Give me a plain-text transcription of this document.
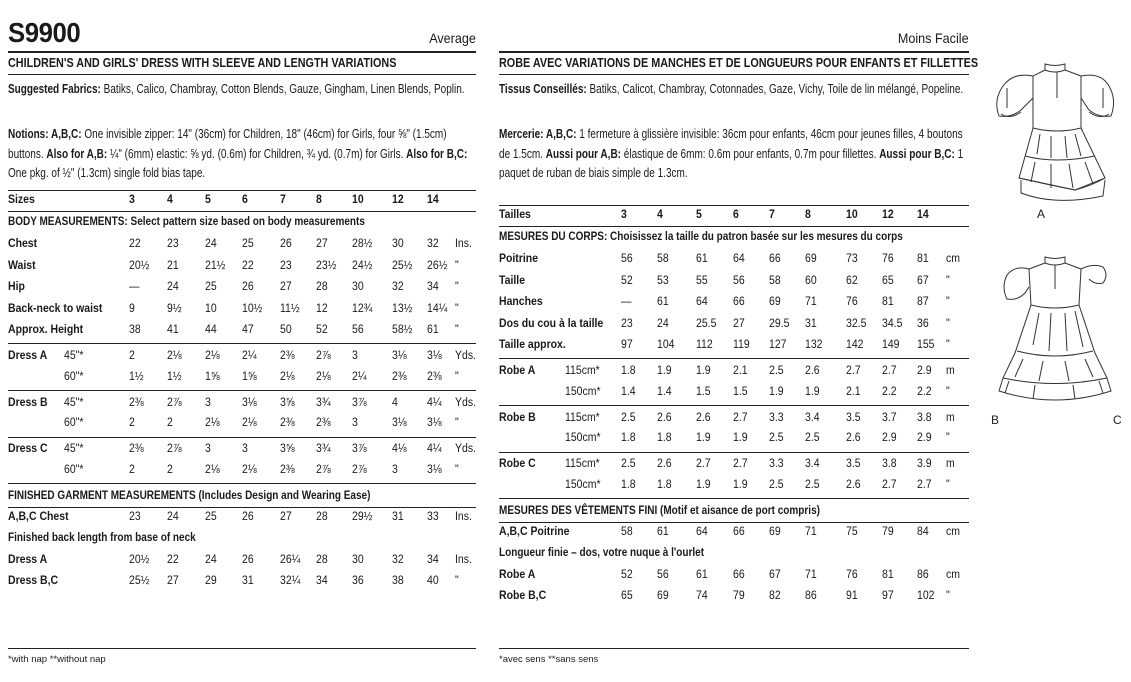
S9900	Average
CHILDREN'S AND GIRLS' DRESS WITH SLEEVE AND LENGTH VARIATIONS
Suggested Fabrics: Batiks, Calico, Chambray, Cotton Blends, Gauze, Gingham, Linen Blends, Poplin.
Notions: A,B,C: One invisible zipper: 14" (36cm) for Children, 18" (46cm) for Girls, four ⅝" (1.5cm) buttons. Also for A,B: ¼" (6mm) elastic: ⅝ yd. (0.6m) for Children, ¾ yd. (0.7m) for Girls. Also for B,C: One pkg. of ½" (1.3cm) single fold bias tape.
Sizes	3	4	5	6	7 8 10 12 14
BODY MEASUREMENTS: Select pattern size based on body measurements
Chest	22 23 24 25 26 27 28½ 30 32 Ins.
Waist	20½ 21 21½ 22 23 23½ 24½ 25½ 26½ "
Hip	— 24 25 26 27 28 30 32 34 "
Back-neck to waist	9	9½ 10 10½ 11½ 12 12¾ 13½ 14¼ "
Approx. Height	38 41 44 47 50 52 56 58½ 61 "
Dress A	45"*	2	2⅛ 2⅛ 2¼ 2⅜ 2⅞ 3	3⅛ 3⅛ Yds.
60"*	1½ 1½ 1⅝ 1⅝ 2⅛ 2⅛ 2¼ 2⅜ 2⅜ "
Dress B	45"*	2⅜ 2⅞ 3	3⅛ 3⅝ 3¾ 3⅞ 4 4¼ Yds.
60"*	2	2	2⅛ 2⅛ 2⅜ 2⅜ 3	3⅛ 3⅛ "
Dress C	45"*	2⅜ 2⅞ 3	3	3⅝ 3¾ 3⅞ 4⅛ 4¼ Yds.
60"*	2	2	2⅛ 2⅛ 2⅜ 2⅞ 2⅞ 3 3⅛ "
FINISHED GARMENT MEASUREMENTS (Includes Design and Wearing Ease)
A,B,C Chest	23 24 25 26 27 28 29½ 31 33 Ins.
Finished back length from base of neck
Dress A	20½ 22 24 26 26¼ 28 30 32 34 Ins.
Dress B,C	25½ 27 29 31 32¼ 34 36 38 40 "
*with nap **without nap
Moins Facile
ROBE AVEC VARIATIONS DE MANCHES ET DE LONGUEURS POUR ENFANTS ET FILLETTES
Tissus Conseillés: Batiks, Calicot, Chambray, Cotonnades, Gaze, Vichy, Toile de lin mélangé, Popeline.
Mercerie: A,B,C: 1 fermeture à glissière invisible: 36cm pour enfants, 46cm pour jeunes filles, 4 boutons de 1.5cm. Aussi pour A,B: élastique de 6mm: 0.6m pour enfants, 0.7m pour fillettes. Aussi pour B,C: 1 paquet de ruban de biais simple de 1.3cm.
Tailles	3 4	5	6 7 8	10 12 14
MESURES DU CORPS: Choisissez la taille du patron basée sur les mesures du corps
Poitrine	56 58 61 64 66 69 73 76 81 cm
Taille	52 53 55 56 58 60 62 65 67 "
Hanches	— 61 64 66 69 71 76 81 87 "
Dos du cou à la taille	23 24 25.5 27 29.5 31 32.5 34.5 36 "
Taille approx.	97 104 112 119 127 132 142 149 155 "
Robe A	115cm*	1.8 1.9 1.9 2.1 2.5 2.6 2.7 2.7 2.9 m
150cm*	1.4 1.4 1.5 1.5 1.9 1.9 2.1 2.2 2.2 "
Robe B	115cm*	2.5 2.6 2.6 2.7 3.3 3.4 3.5 3.7 3.8 m
150cm*	1.8 1.8 1.9 1.9 2.5 2.5 2.6 2.9 2.9 "
Robe C	115cm*	2.5 2.6 2.7 2.7 3.3 3.4 3.5 3.8 3.9 m
150cm*	1.8 1.8 1.9 1.9 2.5 2.5 2.6 2.7 2.7 "
MESURES DES VÊTEMENTS FINI (Motif et aisance de port compris)
A,B,C Poitrine	58 61 64 66 69 71 75 79 84 cm
Longueur finie – dos, votre nuque à l'ourlet
Robe A	52 56 61 66 67 71 76 81 86 cm
Robe B,C	65 69 74 79 82 86 91 97 102 "
*avec sens **sans sens
A
B	C
